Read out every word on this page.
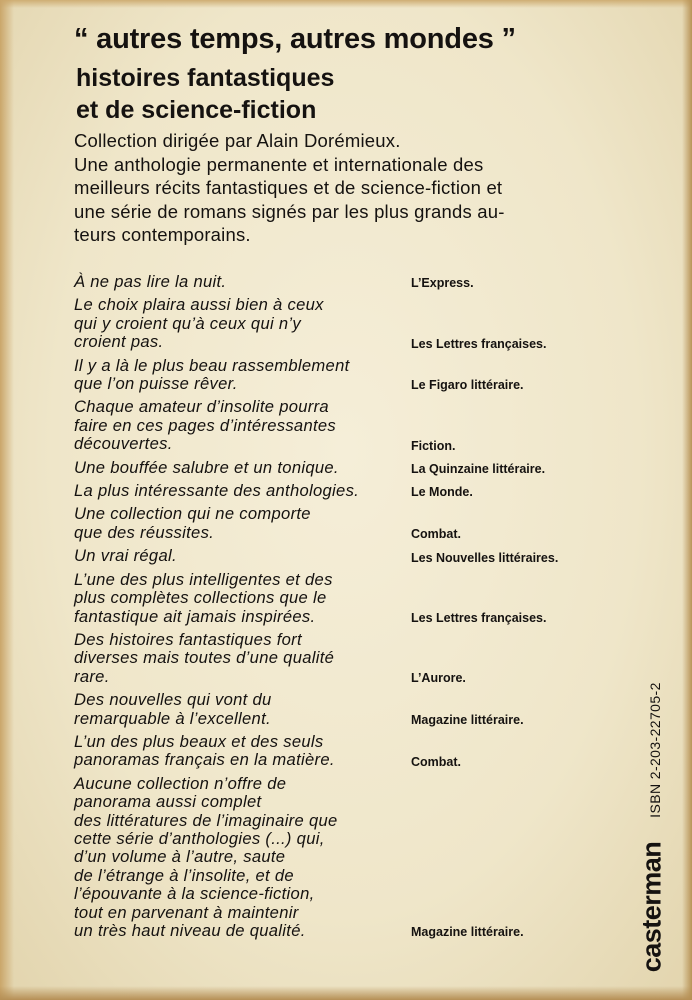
“ autres temps, autres mondes ”
histoires fantastiques
et de science-fiction
Collection dirigée par Alain Dorémieux.
Une anthologie permanente et internationale des
meilleurs récits fantastiques et de science-fiction et
une série de romans signés par les plus grands au-
teurs contemporains.
À ne pas lire la nuit.	L’Express.
Le choix plaira aussi bien à ceux
qui y croient qu’à ceux qui n’y
croient pas.	Les Lettres françaises.
Il y a là le plus beau rassemblement
que l’on puisse rêver.	Le Figaro littéraire.
Chaque amateur d’insolite pourra
faire en ces pages d’intéressantes
découvertes.	Fiction.
Une bouffée salubre et un tonique.	La Quinzaine littéraire.
La plus intéressante des anthologies.	Le Monde.
Une collection qui ne comporte
que des réussites.	Combat.
Un vrai régal.	Les Nouvelles littéraires.
L’une des plus intelligentes et des
plus complètes collections que le
fantastique ait jamais inspirées.	Les Lettres françaises.
Des histoires fantastiques fort
diverses mais toutes d’une qualité
rare.	L’Aurore.
Des nouvelles qui vont du
remarquable à l’excellent.	Magazine littéraire.
L’un des plus beaux et des seuls
panoramas français en la matière.	Combat.
Aucune collection n’offre de
panorama aussi complet
des littératures de l’imaginaire que
cette série d’anthologies (...) qui,
d’un volume à l’autre, saute
de l’étrange à l’insolite, et de
l’épouvante à la science-fiction,
tout en parvenant à maintenir
un très haut niveau de qualité.	Magazine littéraire.
ISBN 2-203-22705-2
casterman
